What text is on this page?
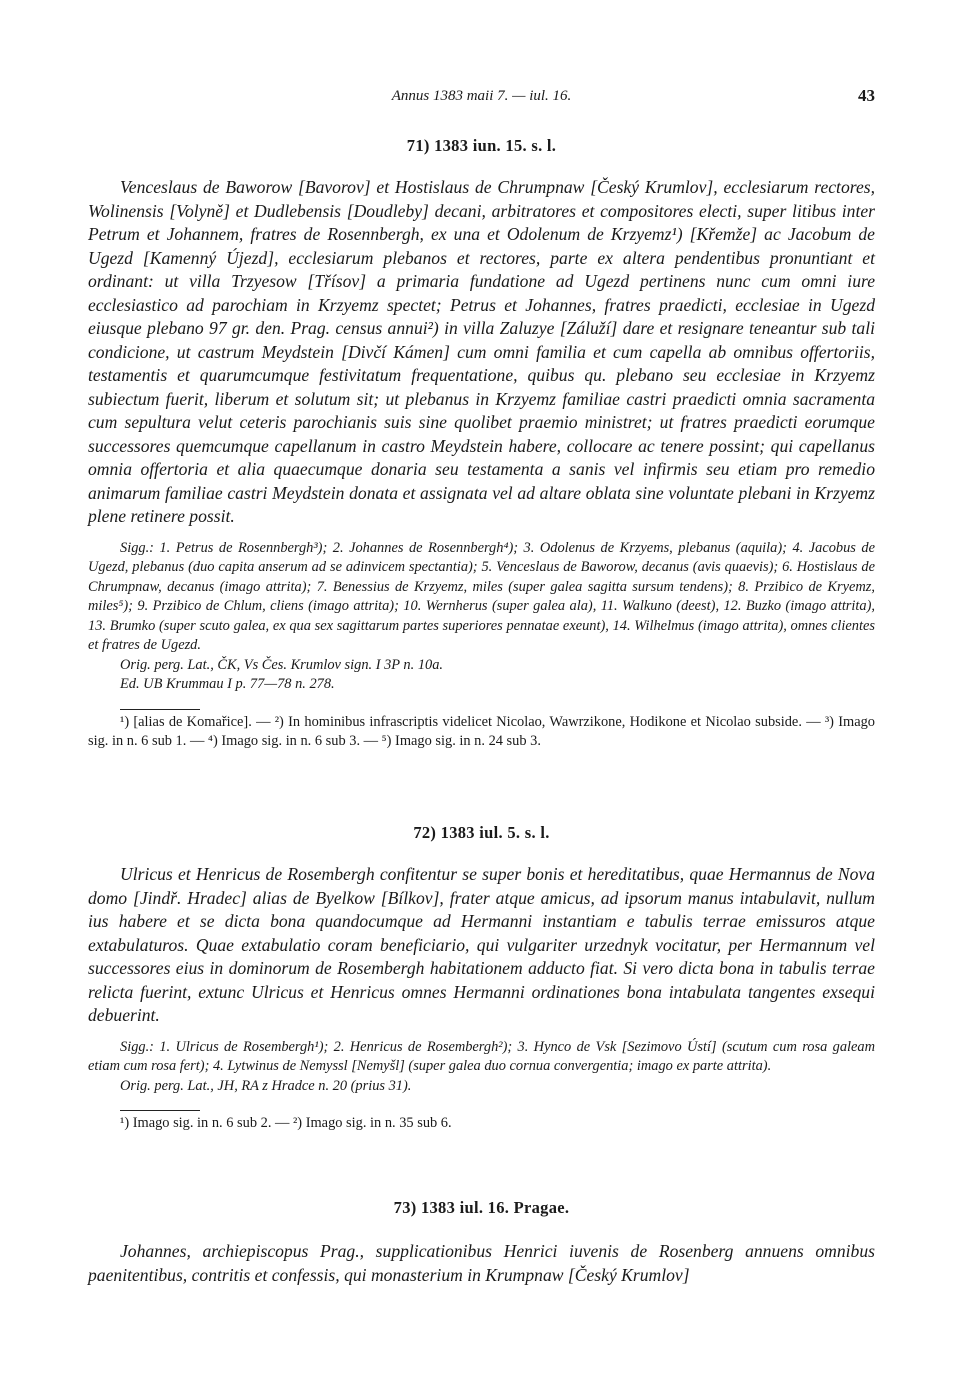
Annus 1383 maii 7. — iul. 16.	43

71) 1383 iun. 15. s. l.

Venceslaus de Baworow [Bavorov] et Hostislaus de Chrumpnaw [Český Krumlov], ecclesiarum rectores, Wolinensis [Volyně] et Dudlebensis [Doudleby] decani, arbitratores et compositores electi, super litibus inter Petrum et Johannem, fratres de Rosennbergh, ex una et Odolenum de Krzyemz¹) [Křemže] ac Jacobum de Ugezd [Kamenný Újezd], ecclesiarum plebanos et rectores, parte ex altera pendentibus pronuntiant et ordinant: ut villa Trzyesow [Třísov] a primaria fundatione ad Ugezd pertinens nunc cum omni iure ecclesiastico ad parochiam in Krzyemz spectet; Petrus et Johannes, fratres praedicti, ecclesiae in Ugezd eiusque plebano 97 gr. den. Prag. census annui²) in villa Zaluzye [Záluží] dare et resignare teneantur sub tali condicione, ut castrum Meydstein [Divčí Kámen] cum omni familia et cum capella ab omnibus offertoriis, testamentis et quarumcumque festivitatum frequentatione, quibus qu. plebano seu ecclesiae in Krzyemz subiectum fuerit, liberum et solutum sit; ut plebanus in Krzyemz familiae castri praedicti omnia sacramenta cum sepultura velut ceteris parochianis suis sine quolibet praemio ministret; ut fratres praedicti eorumque successores quemcumque capellanum in castro Meydstein habere, collocare ac tenere possint; qui capellanus omnia offertoria et alia quaecumque donaria seu testamenta a sanis vel infirmis seu etiam pro remedio animarum familiae castri Meydstein donata et assignata vel ad altare oblata sine voluntate plebani in Krzyemz plene retinere possit.

Sigg.: 1. Petrus de Rosennbergh³); 2. Johannes de Rosennbergh⁴); 3. Odolenus de Krzyems, plebanus (aquila); 4. Jacobus de Ugezd, plebanus (duo capita anserum ad se adinvicem spectantia); 5. Venceslaus de Baworow, decanus (avis quaevis); 6. Hostislaus de Chrumpnaw, decanus (imago attrita); 7. Benessius de Krzyemz, miles (super galea sagitta sursum tendens); 8. Przibico de Kryemz, miles⁵); 9. Przibico de Chlum, cliens (imago attrita); 10. Wernherus (super galea ala), 11. Walkuno (deest), 12. Buzko (imago attrita), 13. Brumko (super scuto galea, ex qua sex sagittarum partes superiores pennatae exeunt), 14. Wilhelmus (imago attrita), omnes clientes et fratres de Ugezd.

Orig. perg. Lat., ČK, Vs Čes. Krumlov sign. I 3P n. 10a.

Ed. UB Krummau I p. 77—78 n. 278.

¹) [alias de Komařice]. — ²) In hominibus infrascriptis videlicet Nicolao, Wawrzikone, Hodikone et Nicolao subside. — ³) Imago sig. in n. 6 sub 1. — ⁴) Imago sig. in n. 6 sub 3. — ⁵) Imago sig. in n. 24 sub 3.

72) 1383 iul. 5. s. l.

Ulricus et Henricus de Rosembergh confitentur se super bonis et hereditatibus, quae Hermannus de Nova domo [Jindř. Hradec] alias de Byelkow [Bílkov], frater atque amicus, ad ipsorum manus intabulavit, nullum ius habere et se dicta bona quandocumque ad Hermanni instantiam e tabulis terrae emissuros atque extabulaturos. Quae extabulatio coram beneficiario, qui vulgariter urzednyk vocitatur, per Hermannum vel successores eius in dominorum de Rosembergh habitationem adducto fiat. Si vero dicta bona in tabulis terrae relicta fuerint, extunc Ulricus et Henricus omnes Hermanni ordinationes bona intabulata tangentes exsequi debuerint.

Sigg.: 1. Ulricus de Rosembergh¹); 2. Henricus de Rosembergh²); 3. Hynco de Vsk [Sezimovo Ústí] (scutum cum rosa galeam etiam cum rosa fert); 4. Lytwinus de Nemyssl [Nemyšl] (super galea duo cornua convergentia; imago ex parte attrita).

Orig. perg. Lat., JH, RA z Hradce n. 20 (prius 31).

¹) Imago sig. in n. 6 sub 2. — ²) Imago sig. in n. 35 sub 6.

73) 1383 iul. 16. Pragae.

Johannes, archiepiscopus Prag., supplicationibus Henrici iuvenis de Rosenberg annuens omnibus paenitentibus, contritis et confessis, qui monasterium in Krumpnaw [Český Krumlov]
